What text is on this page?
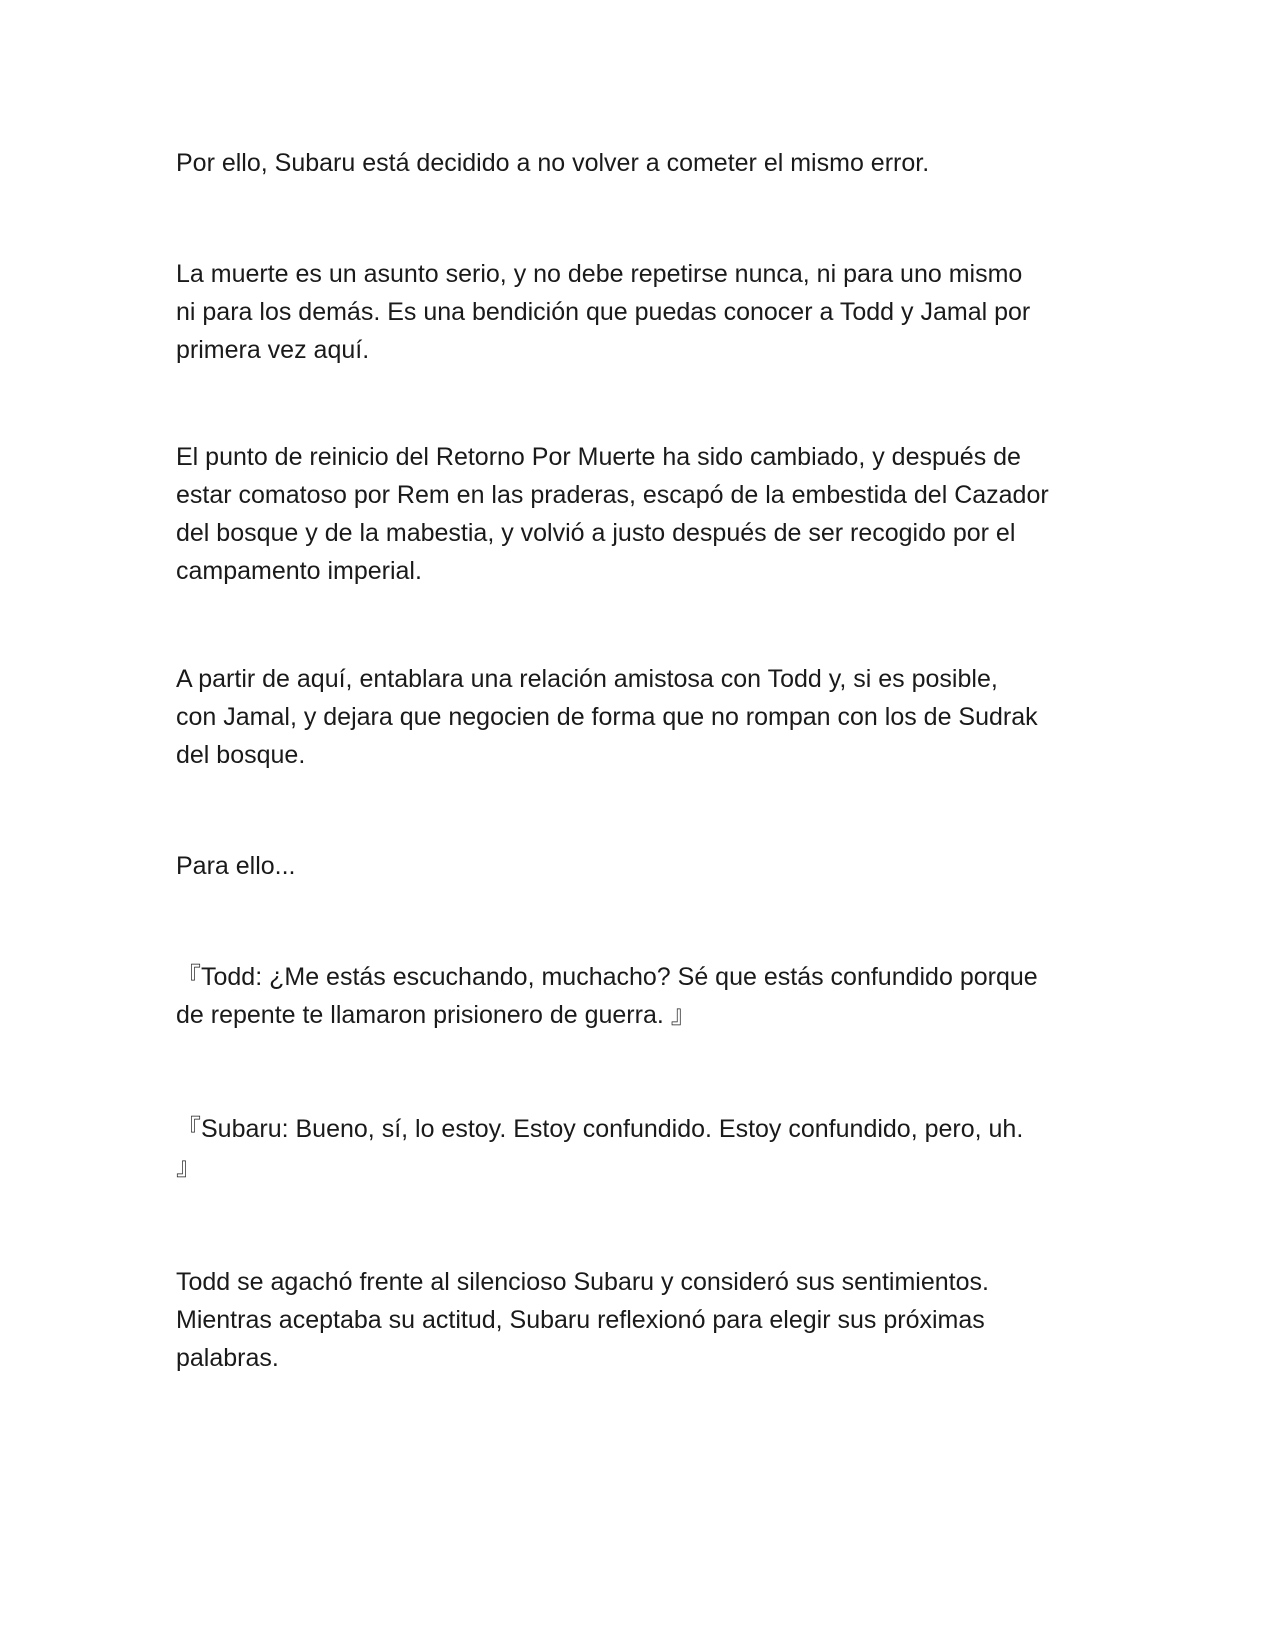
Por ello, Subaru está decidido a no volver a cometer el mismo error.

La muerte es un asunto serio, y no debe repetirse nunca, ni para uno mismo
ni para los demás. Es una bendición que puedas conocer a Todd y Jamal por
primera vez aquí.

El punto de reinicio del Retorno Por Muerte ha sido cambiado, y después de
estar comatoso por Rem en las praderas, escapó de la embestida del Cazador
del bosque y de la mabestia, y volvió a justo después de ser recogido por el
campamento imperial.

A partir de aquí, entablara una relación amistosa con Todd y, si es posible,
con Jamal, y dejara que negocien de forma que no rompan con los de Sudrak
del bosque.

Para ello...

『Todd: ¿Me estás escuchando, muchacho? Sé que estás confundido porque
de repente te llamaron prisionero de guerra. 』

『Subaru: Bueno, sí, lo estoy. Estoy confundido. Estoy confundido, pero, uh.
』

Todd se agachó frente al silencioso Subaru y consideró sus sentimientos.
Mientras aceptaba su actitud, Subaru reflexionó para elegir sus próximas
palabras.
